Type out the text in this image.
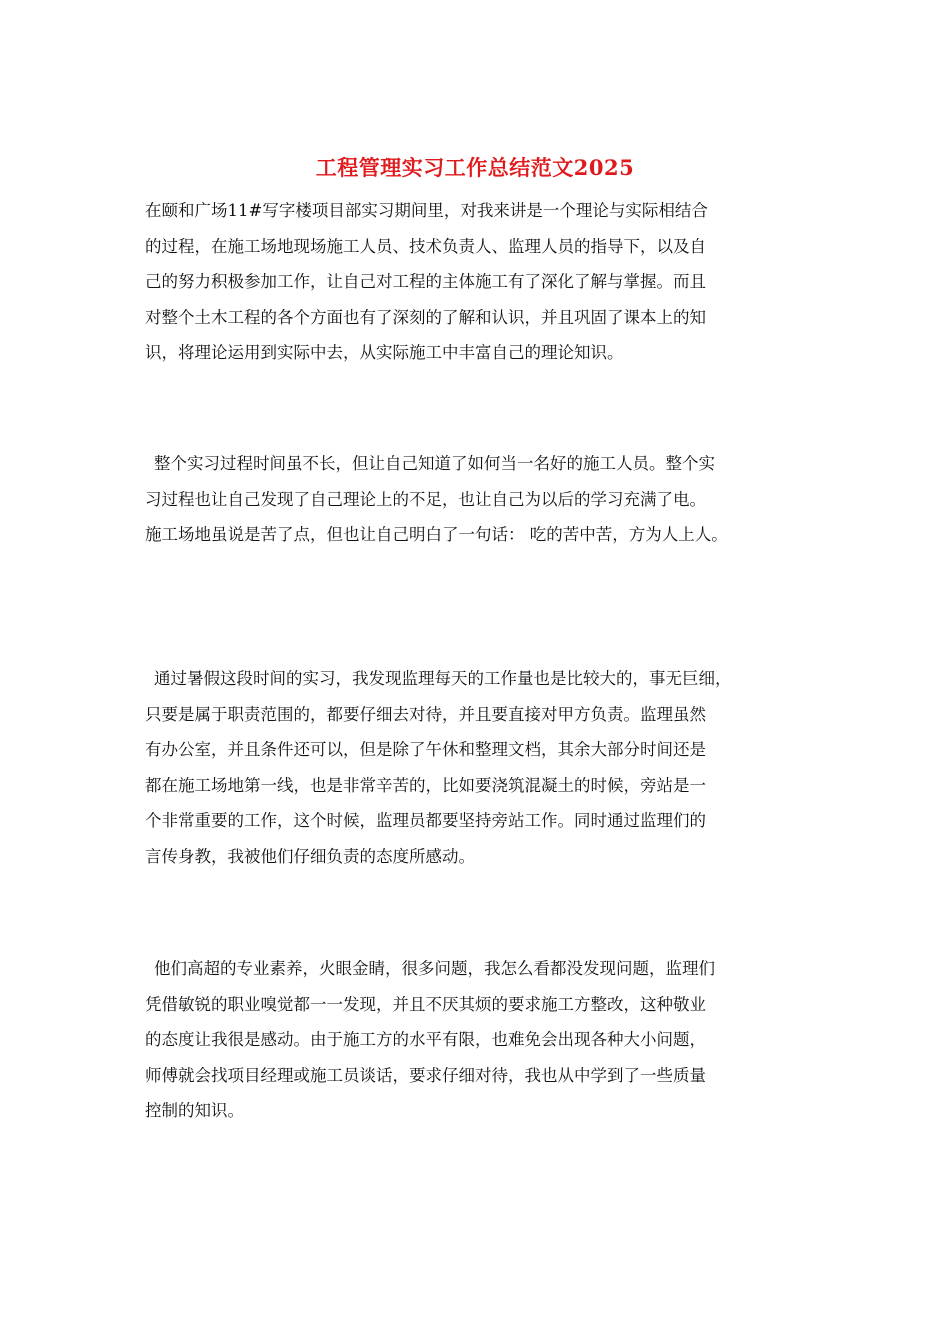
工程管理实习工作总结范文2025
在颐和广场11#写字楼项目部实习期间里，对我来讲是一个理论与实际相结合
的过程，在施工场地现场施工人员、技术负责人、监理人员的指导下，以及自
己的努力积极参加工作，让自己对工程的主体施工有了深化了解与掌握。而且
对整个土木工程的各个方面也有了深刻的了解和认识，并且巩固了课本上的知
识，将理论运用到实际中去，从实际施工中丰富自己的理论知识。
整个实习过程时间虽不长，但让自己知道了如何当一名好的施工人员。整个实
习过程也让自己发现了自己理论上的不足，也让自己为以后的学习充满了电。
施工场地虽说是苦了点，但也让自己明白了一句话： 吃的苦中苦，方为人上人。
通过暑假这段时间的实习，我发现监理每天的工作量也是比较大的，事无巨细，
只要是属于职责范围的，都要仔细去对待，并且要直接对甲方负责。监理虽然
有办公室，并且条件还可以，但是除了午休和整理文档，其余大部分时间还是
都在施工场地第一线，也是非常辛苦的，比如要浇筑混凝土的时候，旁站是一
个非常重要的工作，这个时候，监理员都要坚持旁站工作。同时通过监理们的
言传身教，我被他们仔细负责的态度所感动。
他们高超的专业素养，火眼金睛，很多问题，我怎么看都没发现问题，监理们
凭借敏锐的职业嗅觉都一一发现，并且不厌其烦的要求施工方整改，这种敬业
的态度让我很是感动。由于施工方的水平有限，也难免会出现各种大小问题，
师傅就会找项目经理或施工员谈话，要求仔细对待，我也从中学到了一些质量
控制的知识。
